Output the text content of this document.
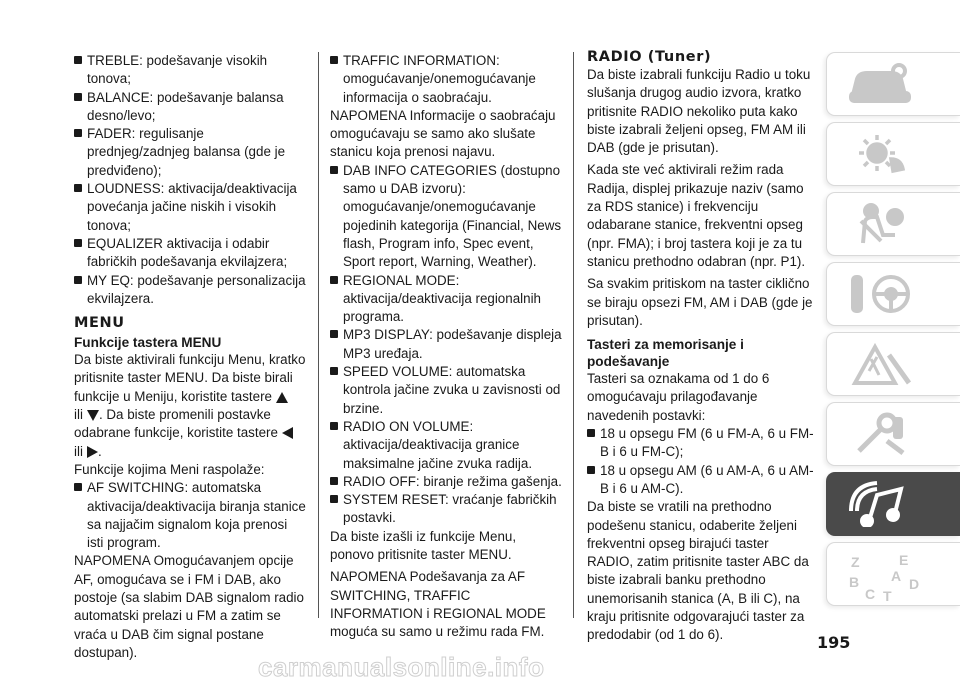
TREBLE: podešavanje visokih tonova;

BALANCE: podešavanje balansa desno/levo;

FADER: regulisanje prednjeg/zadnjeg balansa (gde je predviđeno);

LOUDNESS: aktivacija/deaktivacija povećanja jačine niskih i visokih tonova;

EQUALIZER aktivacija i odabir fabričkih podešavanja ekvilajzera;

MY EQ: podešavanje personalizacija ekvilajzera.

MENU
Funkcije tastera MENU

Da biste aktivirali funkciju Menu, kratko pritisnite taster MENU. Da biste birali funkcije u Meniju, koristite tastere
ili . Da biste promenili postavke odabrane funkcije, koristite tastere
ili .

Funkcije kojima Meni raspolaže:

AF SWITCHING: automatska aktivacija/deaktivacija biranja stanice sa najjačim signalom koja prenosi isti program.

NAPOMENA Omogućavanjem opcije AF, omogućava se i FM i DAB, ako postoje (sa slabim DAB signalom radio automatski prelazi u FM a zatim se vraća u DAB čim signal postane dostupan).

TRAFFIC INFORMATION: omogućavanje/onemogućavanje informacija o saobraćaju.

NAPOMENA Informacije o saobraćaju omogućavaju se samo ako slušate stanicu koja prenosi najavu.

DAB INFO CATEGORIES (dostupno samo u DAB izvoru): omogućavanje/onemogućavanje pojedinih kategorija (Financial, News flash, Program info, Spec event, Sport report, Warning, Weather).

REGIONAL MODE: aktivacija/deaktivacija regionalnih programa.

MP3 DISPLAY: podešavanje displeja MP3 uređaja.

SPEED VOLUME: automatska kontrola jačine zvuka u zavisnosti od brzine.

RADIO ON VOLUME: aktivacija/deaktivacija granice maksimalne jačine zvuka radija.

RADIO OFF: biranje režima gašenja.

SYSTEM RESET: vraćanje fabričkih postavki.

Da biste izašli iz funkcije Menu, ponovo pritisnite taster MENU.

NAPOMENA Podešavanja za AF SWITCHING, TRAFFIC INFORMATION i REGIONAL MODE moguća su samo u režimu rada FM.

RADIO (Tuner)

Da biste izabrali funkciju Radio u toku slušanja drugog audio izvora, kratko pritisnite RADIO nekoliko puta kako biste izabrali željeni opseg, FM AM ili DAB (gde je prisutan).

Kada ste već aktivirali režim rada Radija, displej prikazuje naziv (samo za RDS stanice) i frekvenciju odabarane stanice, frekventni opseg (npr. FMA); i broj tastera koji je za tu stanicu prethodno odabran (npr. P1).

Sa svakim pritiskom na taster ciklično se biraju opsezi FM, AM i DAB (gde je prisutan).

Tasteri za memorisanje i podešavanje

Tasteri sa oznakama od 1 do 6 omogućavaju prilagođavanje navedenih postavki:

18 u opsegu FM (6 u FM-A, 6 u FM-B i 6 u FM-C);

18 u opsegu AM (6 u AM-A, 6 u AM-B i 6 u AM-C).

Da biste se vratili na prethodno podešenu stanicu, odaberite željeni frekventni opseg birajući taster RADIO, zatim pritisnite taster ABC da biste izabrali banku prethodno unemorisanih stanica (A, B ili C), na kraju pritisnite odgovarajući taster za predodabir (od 1 do 6).

Z	E
B	D
C T
A
195
carmanualsonline.info
